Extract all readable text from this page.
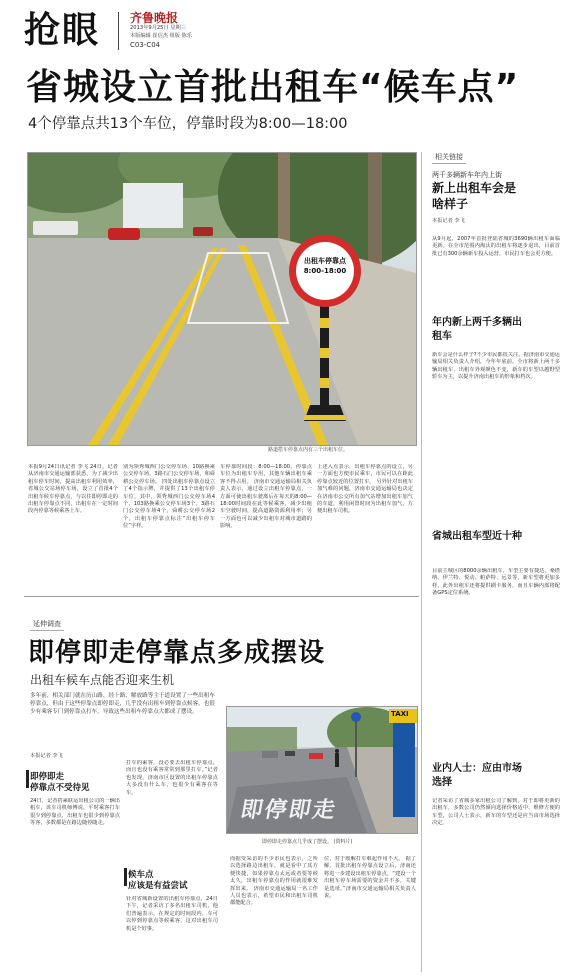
抢眼 齐鲁晚报
2013年9月25日 星期三
本版编辑 崔信杰 组版 陈乐
C03-C04
省城设立首批出租车“候车点”
4个停靠点共13个车位，停靠时段为8:00—18:00
出租车停靠点
8:00-18:00
路道搭车停靠点内有三个出租车位。
本报9月24日讯记者 李飞 24日，记者从济南市交通运输部获悉，为了减少出租车停车时间，提高出租车利用效率，省城公交站场停车场，设立了首批4个出租车候车停靠点，与以往即停即走的出租车停靠点不同，出租车在一定时间段内停靠等候乘客上车。
别为领秀城西门公交停车场、10路换乘公交停车场，3路石门公交停车场，和舜耕公交停车场。 四处出租车停靠点设立了4个指示牌，并提供了13个出租车停车位，其中，领秀城西门公交停车场4个，103路换乘公交停车场3个，3路石门公交停车场4个，舜耕公交停车场2个，出租车停靠点标注“出租车停车位”字样。
车停靠时间段：8:00—18:00，停靠点车位为出租车专用，其他车辆出租车乘客不得占用。 济南市交通运输局相关负责人表示，通过设立出租车停靠点，一方面可使出租车驶离后在每天的8:00—18:00时间段在此等候乘客，减少出租车空驶时间，提高道路资源利用率；另一方面也可以减少出租车对城市道路的影响。
上述入点表示，出租车停靠点的设立，另一方面也方便市民乘车，市民可以在距此停靠点较近的位置打车。 另外针对出租车加气难的问题，济南市交通运输局也决定在济南市公交所有加气站增加出租车加气的车道，利用闲置时间为出租车加气，方便出租车司机。
相关链接
两千多辆新车年内上街
新上出租车会是啥样子
本报记者 李飞
从9月起，2007年首批登陆省城的3690辆出租车面临更新。在全市范围内淘汰的出租车将逐步退出，目前首批已有300余辆新车投入运营，市民打车也会更方便。
年内新上两千多辆出租车
新车会是什么样子?不少市民都很关注。据济南市交通运输局相关负责人介绍，今年年底前，全市将新上两千多辆出租车，出租车外观颜色不变，新车的车型以越野型轿车为主，以提升济南出租车的形象和档次。
省城出租车型近十种
目前主城区的8000余辆出租车，车型主要有捷达、桑塔纳、伊兰特、悦动、帕萨特、远景等，新车型将更加多样。此外出租车还将提供刷卡服务，而且车辆内部将配备GPS定位系统。
业内人士：应由市场选择
记者采访了省城多家出租公司了解到，对于即将更新的出租车，多数公司仍然倾向选择价格适中、维修方便的车型，公司人士表示，新车的车型还是应当由市场选择决定。
延伸调查
即停即走停靠点多成摆设
出租车候车点能否迎来生机
多年前，相关部门就在历山路、经十路、解放路等主干道设置了一些出租车停靠点，但由于这些停靠点即停即走，几乎没有出租车到停靠点候客，也很少有乘客专门到停靠点打车，导致这些出租车停靠点大都成了摆设。
本报记者 李飞
即停即走
停靠点不受待见
24日，记者搭乘联运出租公司的一辆出租车，该车司机师傅说，平时乘客打车很少到停靠点，出租车也很少到停靠点等客，多数都是在路边随停随走。
打车的乘客，没必要去出租车停靠点，而且也没有乘客常常到那里打车。”记者也发现，济南市区设置的出租车停靠点大多没有什么车，也很少有乘客在等车。
候车点
应该是有益尝试
针对省城新设置的出租车停靠点，24日下午，记者采访了多名出租车司机，他们普遍表示，在规定的时间段内，车可以停到停靠点等候乘客，这对出租车司机是个好事。
即停即走
TAXI
即停即走停靠点几乎成了摆设。 (资料片)
而据受采访的不少市民也表示，之所以选择路边出租车，就是看中了其方便快捷，如果停靠点太远或者要等候太久，出租车停靠点的作用就很难发挥出来。 济南市交通运输局一名工作人员也表示，希望市民和出租车司机都能配合。
位，对于缓解打车难起作用不大。 据了解，首批出租车停靠点设立后，济南还将进一步建设出租车停靠点，“建设一个出租车停车场需要的资金并不多，关键是选址。”济南市交通运输局相关负责人说。
